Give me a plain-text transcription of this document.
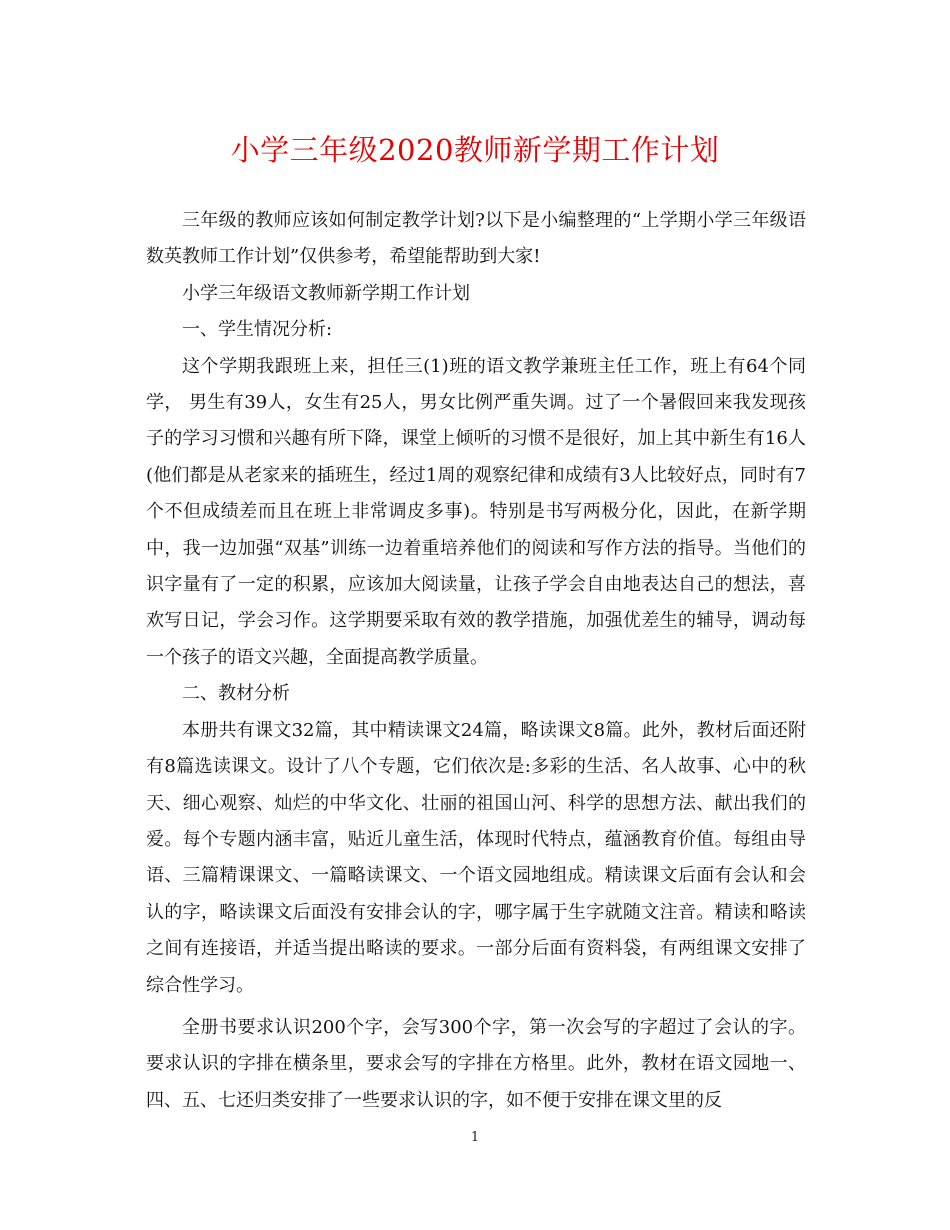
小学三年级2020教师新学期工作计划

三年级的教师应该如何制定教学计划?以下是小编整理的“上学期小学三年级语数英教师工作计划”仅供参考，希望能帮助到大家!

小学三年级语文教师新学期工作计划

一、学生情况分析:

这个学期我跟班上来，担任三(1)班的语文教学兼班主任工作，班上有64个同学， 男生有39人，女生有25人，男女比例严重失调。过了一个暑假回来我发现孩子的学习习惯和兴趣有所下降，课堂上倾听的习惯不是很好，加上其中新生有16人(他们都是从老家来的插班生，经过1周的观察纪律和成绩有3人比较好点，同时有7个不但成绩差而且在班上非常调皮多事)。特别是书写两极分化，因此，在新学期中，我一边加强“双基”训练一边着重培养他们的阅读和写作方法的指导。当他们的识字量有了一定的积累，应该加大阅读量，让孩子学会自由地表达自己的想法，喜欢写日记，学会习作。这学期要采取有效的教学措施，加强优差生的辅导，调动每一个孩子的语文兴趣，全面提高教学质量。

二、教材分析

本册共有课文32篇，其中精读课文24篇，略读课文8篇。此外，教材后面还附有8篇选读课文。设计了八个专题，它们依次是:多彩的生活、名人故事、心中的秋天、细心观察、灿烂的中华文化、壮丽的祖国山河、科学的思想方法、献出我们的爱。每个专题内涵丰富，贴近儿童生活，体现时代特点，蕴涵教育价值。每组由导语、三篇精课课文、一篇略读课文、一个语文园地组成。精读课文后面有会认和会认的字，略读课文后面没有安排会认的字，哪字属于生字就随文注音。精读和略读之间有连接语，并适当提出略读的要求。一部分后面有资料袋，有两组课文安排了综合性学习。

全册书要求认识200个字，会写300个字，第一次会写的字超过了会认的字。要求认识的字排在横条里，要求会写的字排在方格里。此外，教材在语文园地一、四、五、七还归类安排了一些要求认识的字，如不便于安排在课文里的反

1
